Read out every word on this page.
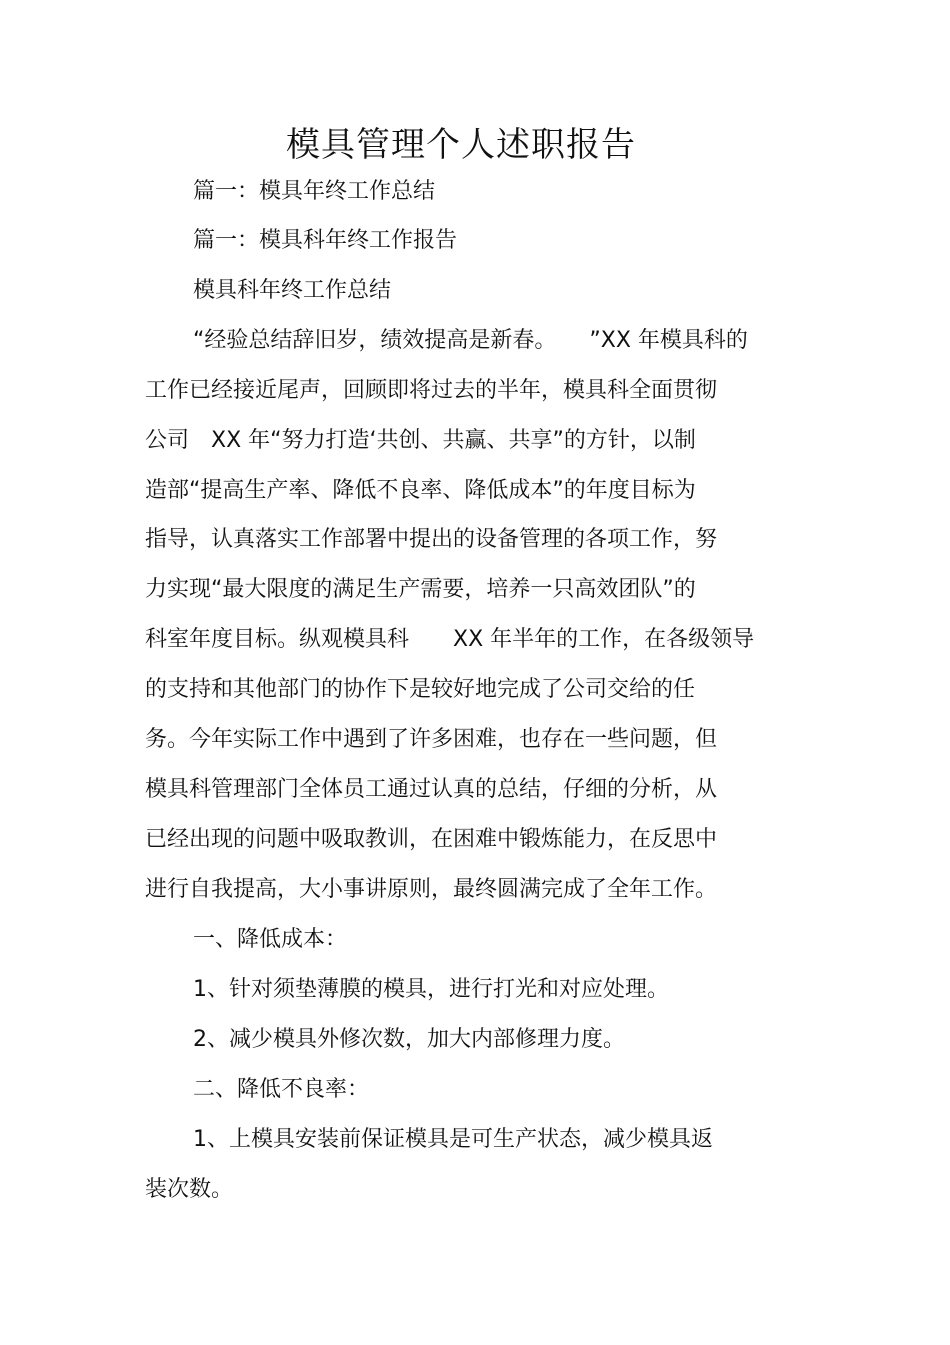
模具管理个人述职报告
篇一：模具年终工作总结
篇一：模具科年终工作报告
模具科年终工作总结
“经验总结辞旧岁，绩效提高是新春。　　”XX 年模具科的
工作已经接近尾声，回顾即将过去的半年，模具科全面贯彻
公司　XX 年“努力打造‘共创、共赢、共享”的方针，以制
造部“提高生产率、降低不良率、降低成本”的年度目标为
指导，认真落实工作部署中提出的设备管理的各项工作，努
力实现“最大限度的满足生产需要，培养一只高效团队”的
科室年度目标。纵观模具科　　XX 年半年的工作，在各级领导
的支持和其他部门的协作下是较好地完成了公司交给的任
务。今年实际工作中遇到了许多困难，也存在一些问题，但
模具科管理部门全体员工通过认真的总结，仔细的分析，从
已经出现的问题中吸取教训，在困难中锻炼能力，在反思中
进行自我提高，大小事讲原则，最终圆满完成了全年工作。
一、降低成本：
1、针对须垫薄膜的模具，进行打光和对应处理。
2、减少模具外修次数，加大内部修理力度。
二、降低不良率：
1、上模具安装前保证模具是可生产状态，减少模具返
装次数。
